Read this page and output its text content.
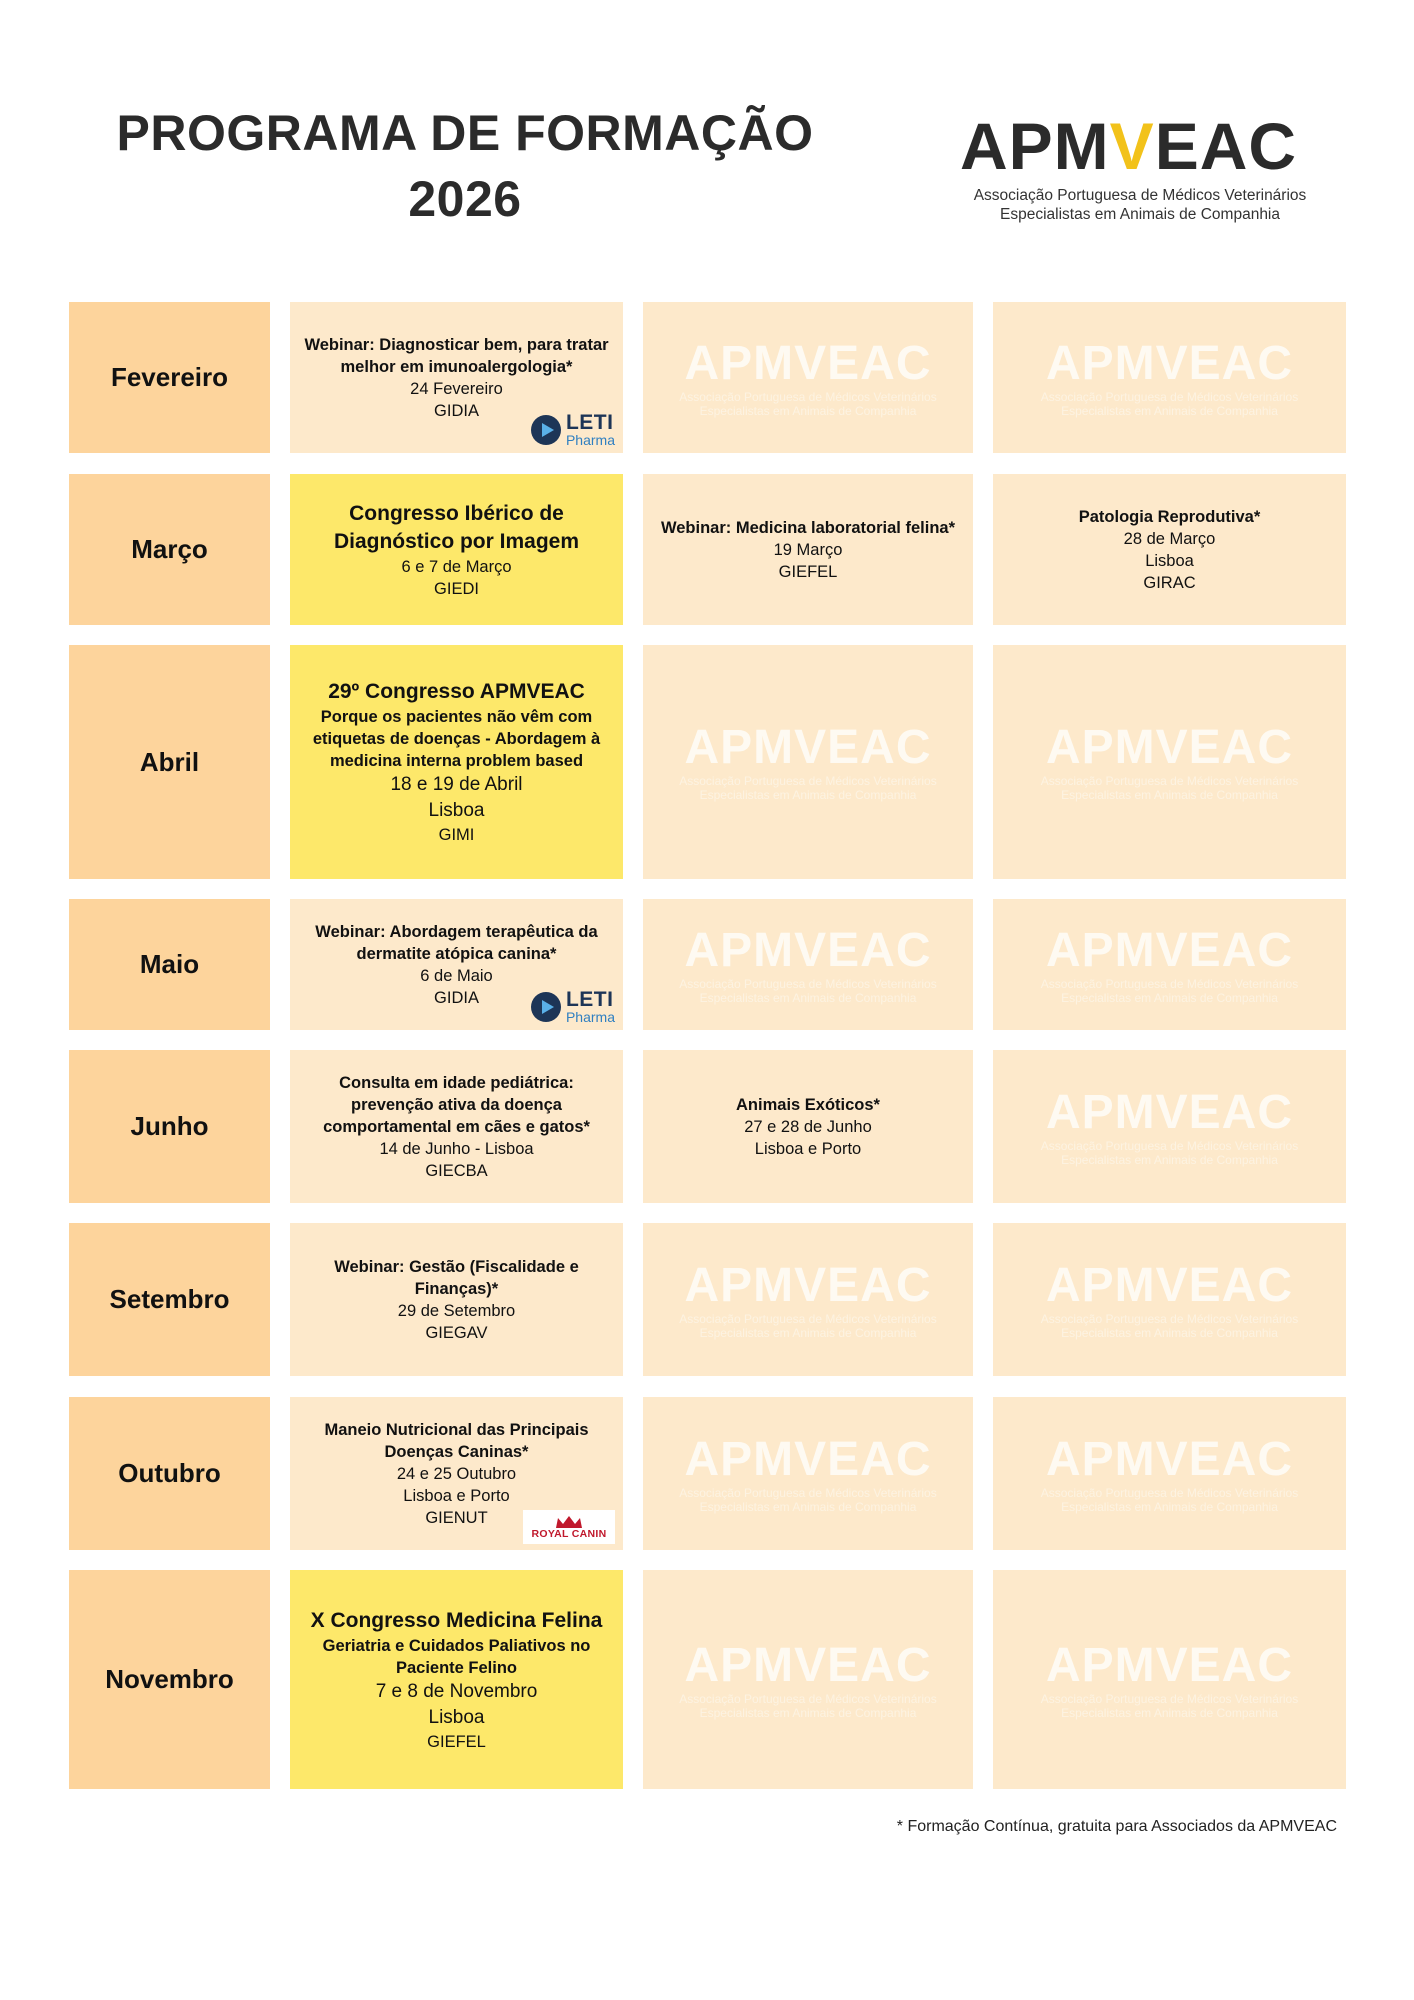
PROGRAMA DE FORMAÇÃO
2026
APM V EAC
Associação Portuguesa de Médicos Veterinários
Especialistas em Animais de Companhia
Fevereiro
Webinar: Diagnosticar bem, para tratar melhor em imunoalergologia*
24 Fevereiro
GIDIA
LETI
Pharma
APMVEAC
Associação Portuguesa de Médicos Veterinários
Especialistas em Animais de Companhia
APMVEAC
Associação Portuguesa de Médicos Veterinários
Especialistas em Animais de Companhia
Março
Congresso Ibérico de Diagnóstico por Imagem
6 e 7 de Março
GIEDI
Webinar: Medicina laboratorial felina*
19 Março
GIEFEL
Patologia Reprodutiva*
28 de Março
Lisboa
GIRAC
Abril
29º Congresso APMVEAC
Porque os pacientes não vêm com etiquetas de doenças - Abordagem à medicina interna problem based
18 e 19 de Abril
Lisboa
GIMI
APMVEAC
Associação Portuguesa de Médicos Veterinários
Especialistas em Animais de Companhia
APMVEAC
Associação Portuguesa de Médicos Veterinários
Especialistas em Animais de Companhia
Maio
Webinar: Abordagem terapêutica da dermatite atópica canina*
6 de Maio
GIDIA	LETI
Pharma
APMVEAC
Associação Portuguesa de Médicos Veterinários
Especialistas em Animais de Companhia
APMVEAC
Associação Portuguesa de Médicos Veterinários
Especialistas em Animais de Companhia
Junho
Consulta em idade pediátrica: prevenção ativa da doença comportamental em cães e gatos*
14 de Junho - Lisboa
GIECBA
Animais Exóticos*
27 e 28 de Junho
Lisboa e Porto
APMVEAC
Associação Portuguesa de Médicos Veterinários
Especialistas em Animais de Companhia
Setembro
Webinar: Gestão (Fiscalidade e Finanças)*
29 de Setembro
GIEGAV
APMVEAC
Associação Portuguesa de Médicos Veterinários
Especialistas em Animais de Companhia
APMVEAC
Associação Portuguesa de Médicos Veterinários
Especialistas em Animais de Companhia
Outubro
Maneio Nutricional das Principais Doenças Caninas*
24 e 25 Outubro
Lisboa e Porto
GIENUT
ROYAL CANIN
APMVEAC
Associação Portuguesa de Médicos Veterinários
Especialistas em Animais de Companhia
APMVEAC
Associação Portuguesa de Médicos Veterinários
Especialistas em Animais de Companhia
Novembro
X Congresso Medicina Felina
Geriatria e Cuidados Paliativos no Paciente Felino
7 e 8 de Novembro
Lisboa
GIEFEL
APMVEAC
Associação Portuguesa de Médicos Veterinários
Especialistas em Animais de Companhia
APMVEAC
Associação Portuguesa de Médicos Veterinários
Especialistas em Animais de Companhia
* Formação Contínua, gratuita para Associados da APMVEAC
